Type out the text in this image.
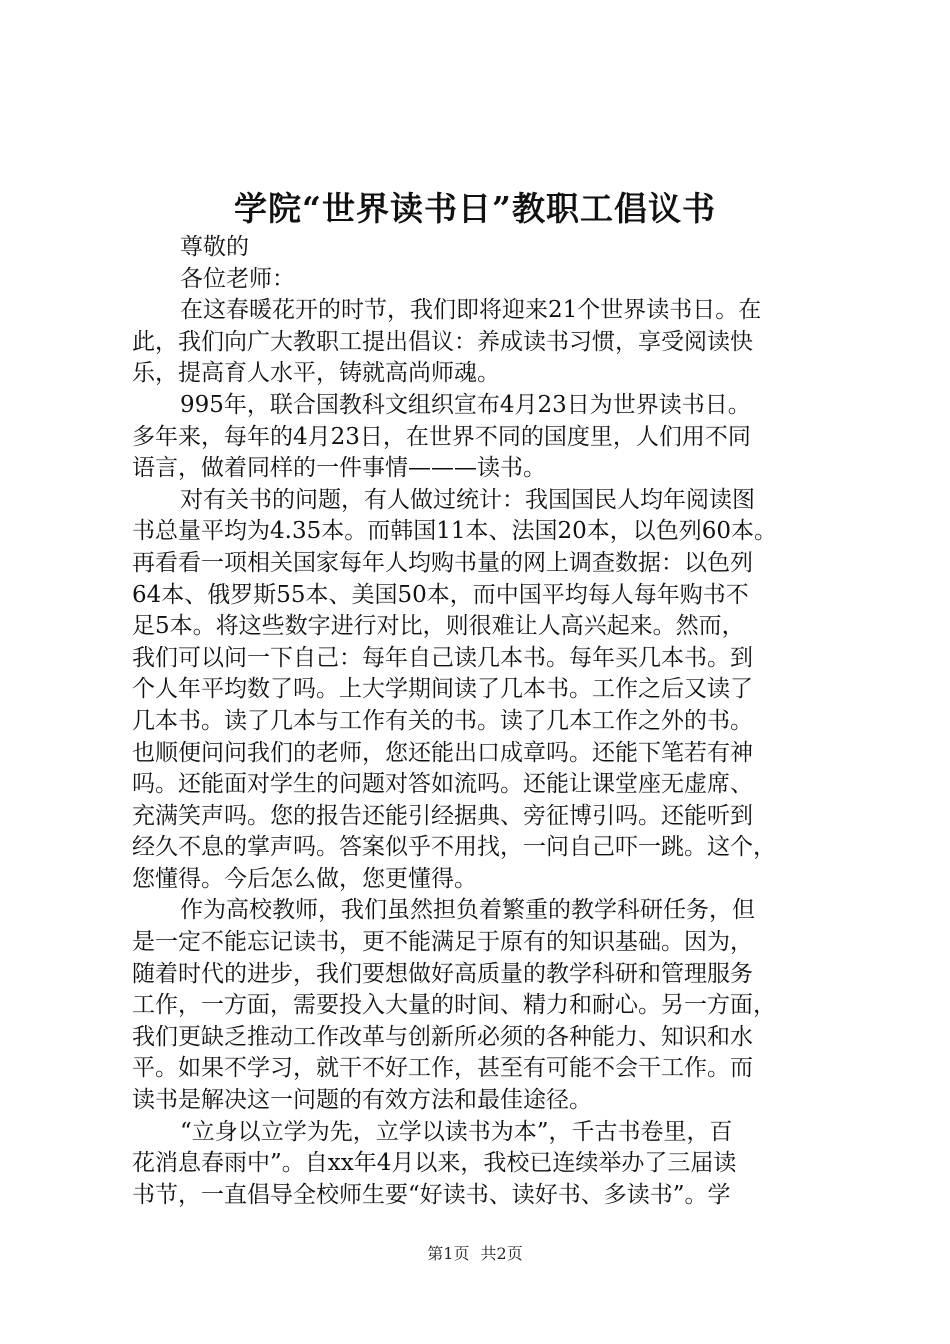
学院“世界读书日”教职工倡议书
尊敬的
各位老师：
在这春暖花开的时节，我们即将迎来21个世界读书日。在
此，我们向广大教职工提出倡议：养成读书习惯，享受阅读快
乐，提高育人水平，铸就高尚师魂。
995年，联合国教科文组织宣布4月23日为世界读书日。
多年来，每年的4月23日，在世界不同的国度里，人们用不同
语言，做着同样的一件事情———读书。
对有关书的问题，有人做过统计：我国国民人均年阅读图
书总量平均为4.35本。而韩国11本、法国20本，以色列60本。
再看看一项相关国家每年人均购书量的网上调查数据：以色列
64本、俄罗斯55本、美国50本，而中国平均每人每年购书不
足5本。将这些数字进行对比，则很难让人高兴起来。然而，
我们可以问一下自己：每年自己读几本书。每年买几本书。到
个人年平均数了吗。上大学期间读了几本书。工作之后又读了
几本书。读了几本与工作有关的书。读了几本工作之外的书。
也顺便问问我们的老师，您还能出口成章吗。还能下笔若有神
吗。还能面对学生的问题对答如流吗。还能让课堂座无虚席、
充满笑声吗。您的报告还能引经据典、旁征博引吗。还能听到
经久不息的掌声吗。答案似乎不用找，一问自己吓一跳。这个，
您懂得。今后怎么做，您更懂得。
作为高校教师，我们虽然担负着繁重的教学科研任务，但
是一定不能忘记读书，更不能满足于原有的知识基础。因为，
随着时代的进步，我们要想做好高质量的教学科研和管理服务
工作，一方面，需要投入大量的时间、精力和耐心。另一方面，
我们更缺乏推动工作改革与创新所必须的各种能力、知识和水
平。如果不学习，就干不好工作，甚至有可能不会干工作。而
读书是解决这一问题的有效方法和最佳途径。
“立身以立学为先，立学以读书为本”，千古书卷里，百
花消息春雨中”。自xx年4月以来，我校已连续举办了三届读
书节，一直倡导全校师生要“好读书、读好书、多读书”。学
第1页 共2页
